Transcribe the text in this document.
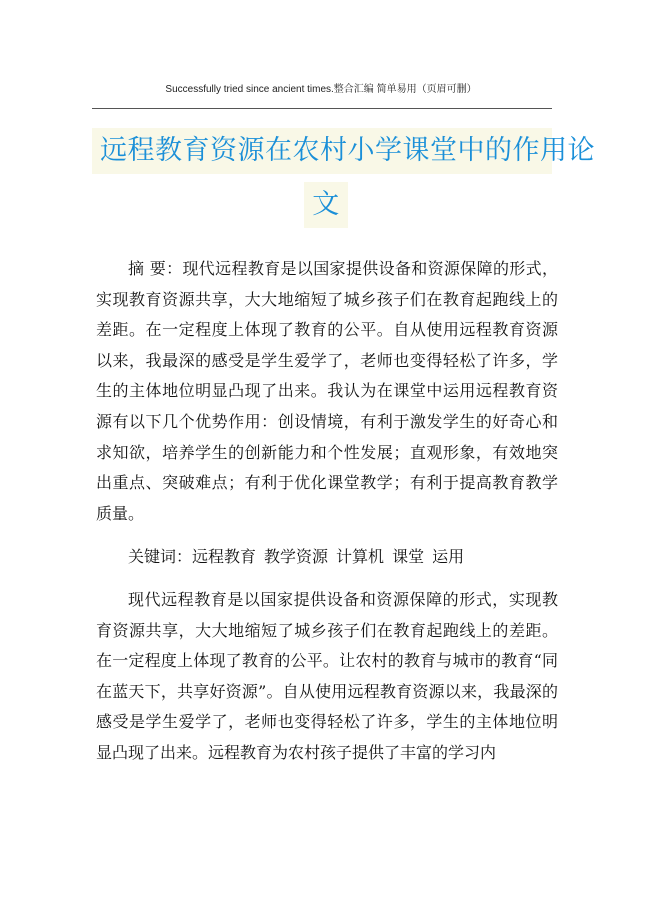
Successfully tried since ancient times.整合汇编 简单易用（页眉可删）
远程教育资源在农村小学课堂中的作用论
文

摘 要：现代远程教育是以国家提供设备和资源保障的形式，实现教育资源共享，大大地缩短了城乡孩子们在教育起跑线上的差距。在一定程度上体现了教育的公平。自从使用远程教育资源以来，我最深的感受是学生爱学了，老师也变得轻松了许多，学生的主体地位明显凸现了出来。我认为在课堂中运用远程教育资源有以下几个优势作用：创设情境，有利于激发学生的好奇心和求知欲，培养学生的创新能力和个性发展；直观形象，有效地突出重点、突破难点；有利于优化课堂教学；有利于提高教育教学质量。

关键词：远程教育 教学资源 计算机 课堂 运用

现代远程教育是以国家提供设备和资源保障的形式，实现教育资源共享，大大地缩短了城乡孩子们在教育起跑线上的差距。在一定程度上体现了教育的公平。让农村的教育与城市的教育“同在蓝天下，共享好资源”。自从使用远程教育资源以来，我最深的感受是学生爱学了，老师也变得轻松了许多，学生的主体地位明显凸现了出来。远程教育为农村孩子提供了丰富的学习内
